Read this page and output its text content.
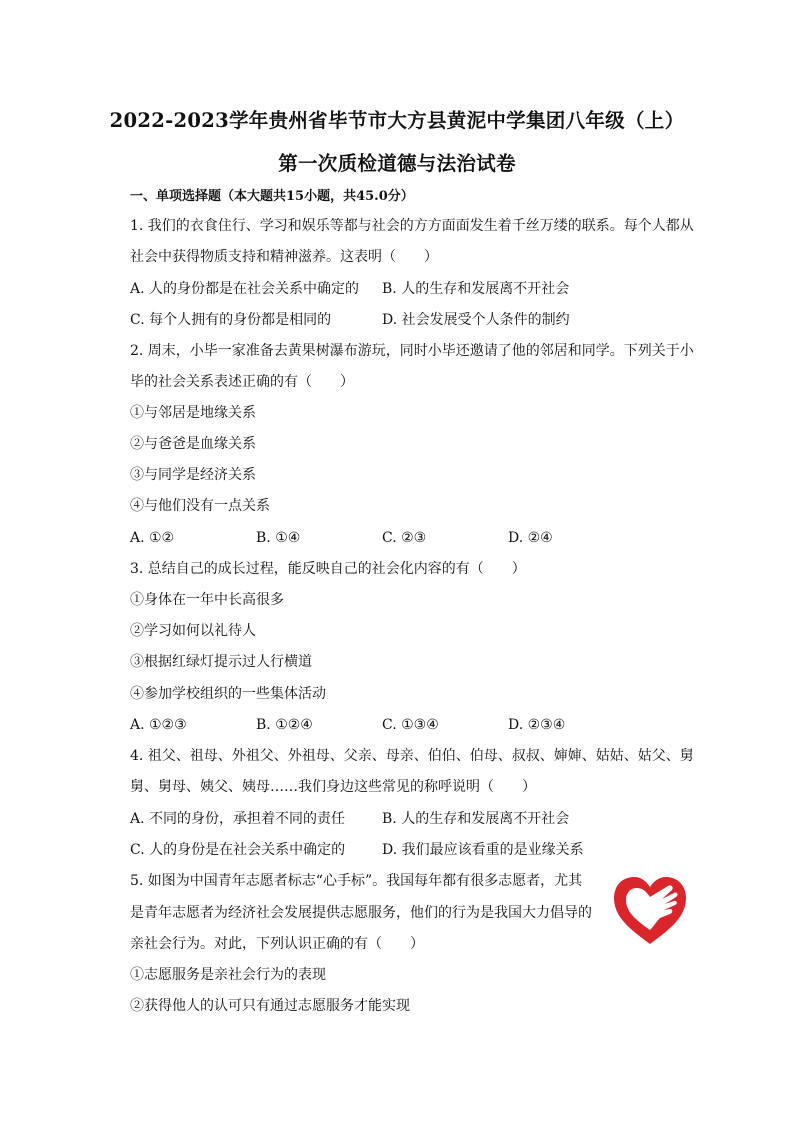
2022-2023学年贵州省毕节市大方县黄泥中学集团八年级（上）
第一次质检道德与法治试卷
一、单项选择题（本大题共15小题，共45.0分）
1. 我们的衣食住行、学习和娱乐等都与社会的方方面面发生着千丝万缕的联系。每个人都从
社会中获得物质支持和精神滋养。这表明（　　）
A. 人的身份都是在社会关系中确定的 B. 人的生存和发展离不开社会
C. 每个人拥有的身份都是相同的	D. 社会发展受个人条件的制约
2. 周末，小毕一家准备去黄果树瀑布游玩，同时小毕还邀请了他的邻居和同学。下列关于小
毕的社会关系表述正确的有（　　）
①与邻居是地缘关系
②与爸爸是血缘关系
③与同学是经济关系
④与他们没有一点关系
A. ①②	B. ①④	C. ②③	D. ②④
3. 总结自己的成长过程，能反映自己的社会化内容的有（　　）
①身体在一年中长高很多
②学习如何以礼待人
③根据红绿灯提示过人行横道
④参加学校组织的一些集体活动
A. ①②③	B. ①②④	C. ①③④	D. ②③④
4. 祖父、祖母、外祖父、外祖母、父亲、母亲、伯伯、伯母、叔叔、婶婶、姑姑、姑父、舅
舅、舅母、姨父、姨母……我们身边这些常见的称呼说明（　　）
A. 不同的身份，承担着不同的责任	B. 人的生存和发展离不开社会
C. 人的身份是在社会关系中确定的	D. 我们最应该看重的是业缘关系
5. 如图为中国青年志愿者标志“心手标”。我国每年都有很多志愿者，尤其
是青年志愿者为经济社会发展提供志愿服务，他们的行为是我国大力倡导的
亲社会行为。对此，下列认识正确的有（　　）
①志愿服务是亲社会行为的表现
②获得他人的认可只有通过志愿服务才能实现
